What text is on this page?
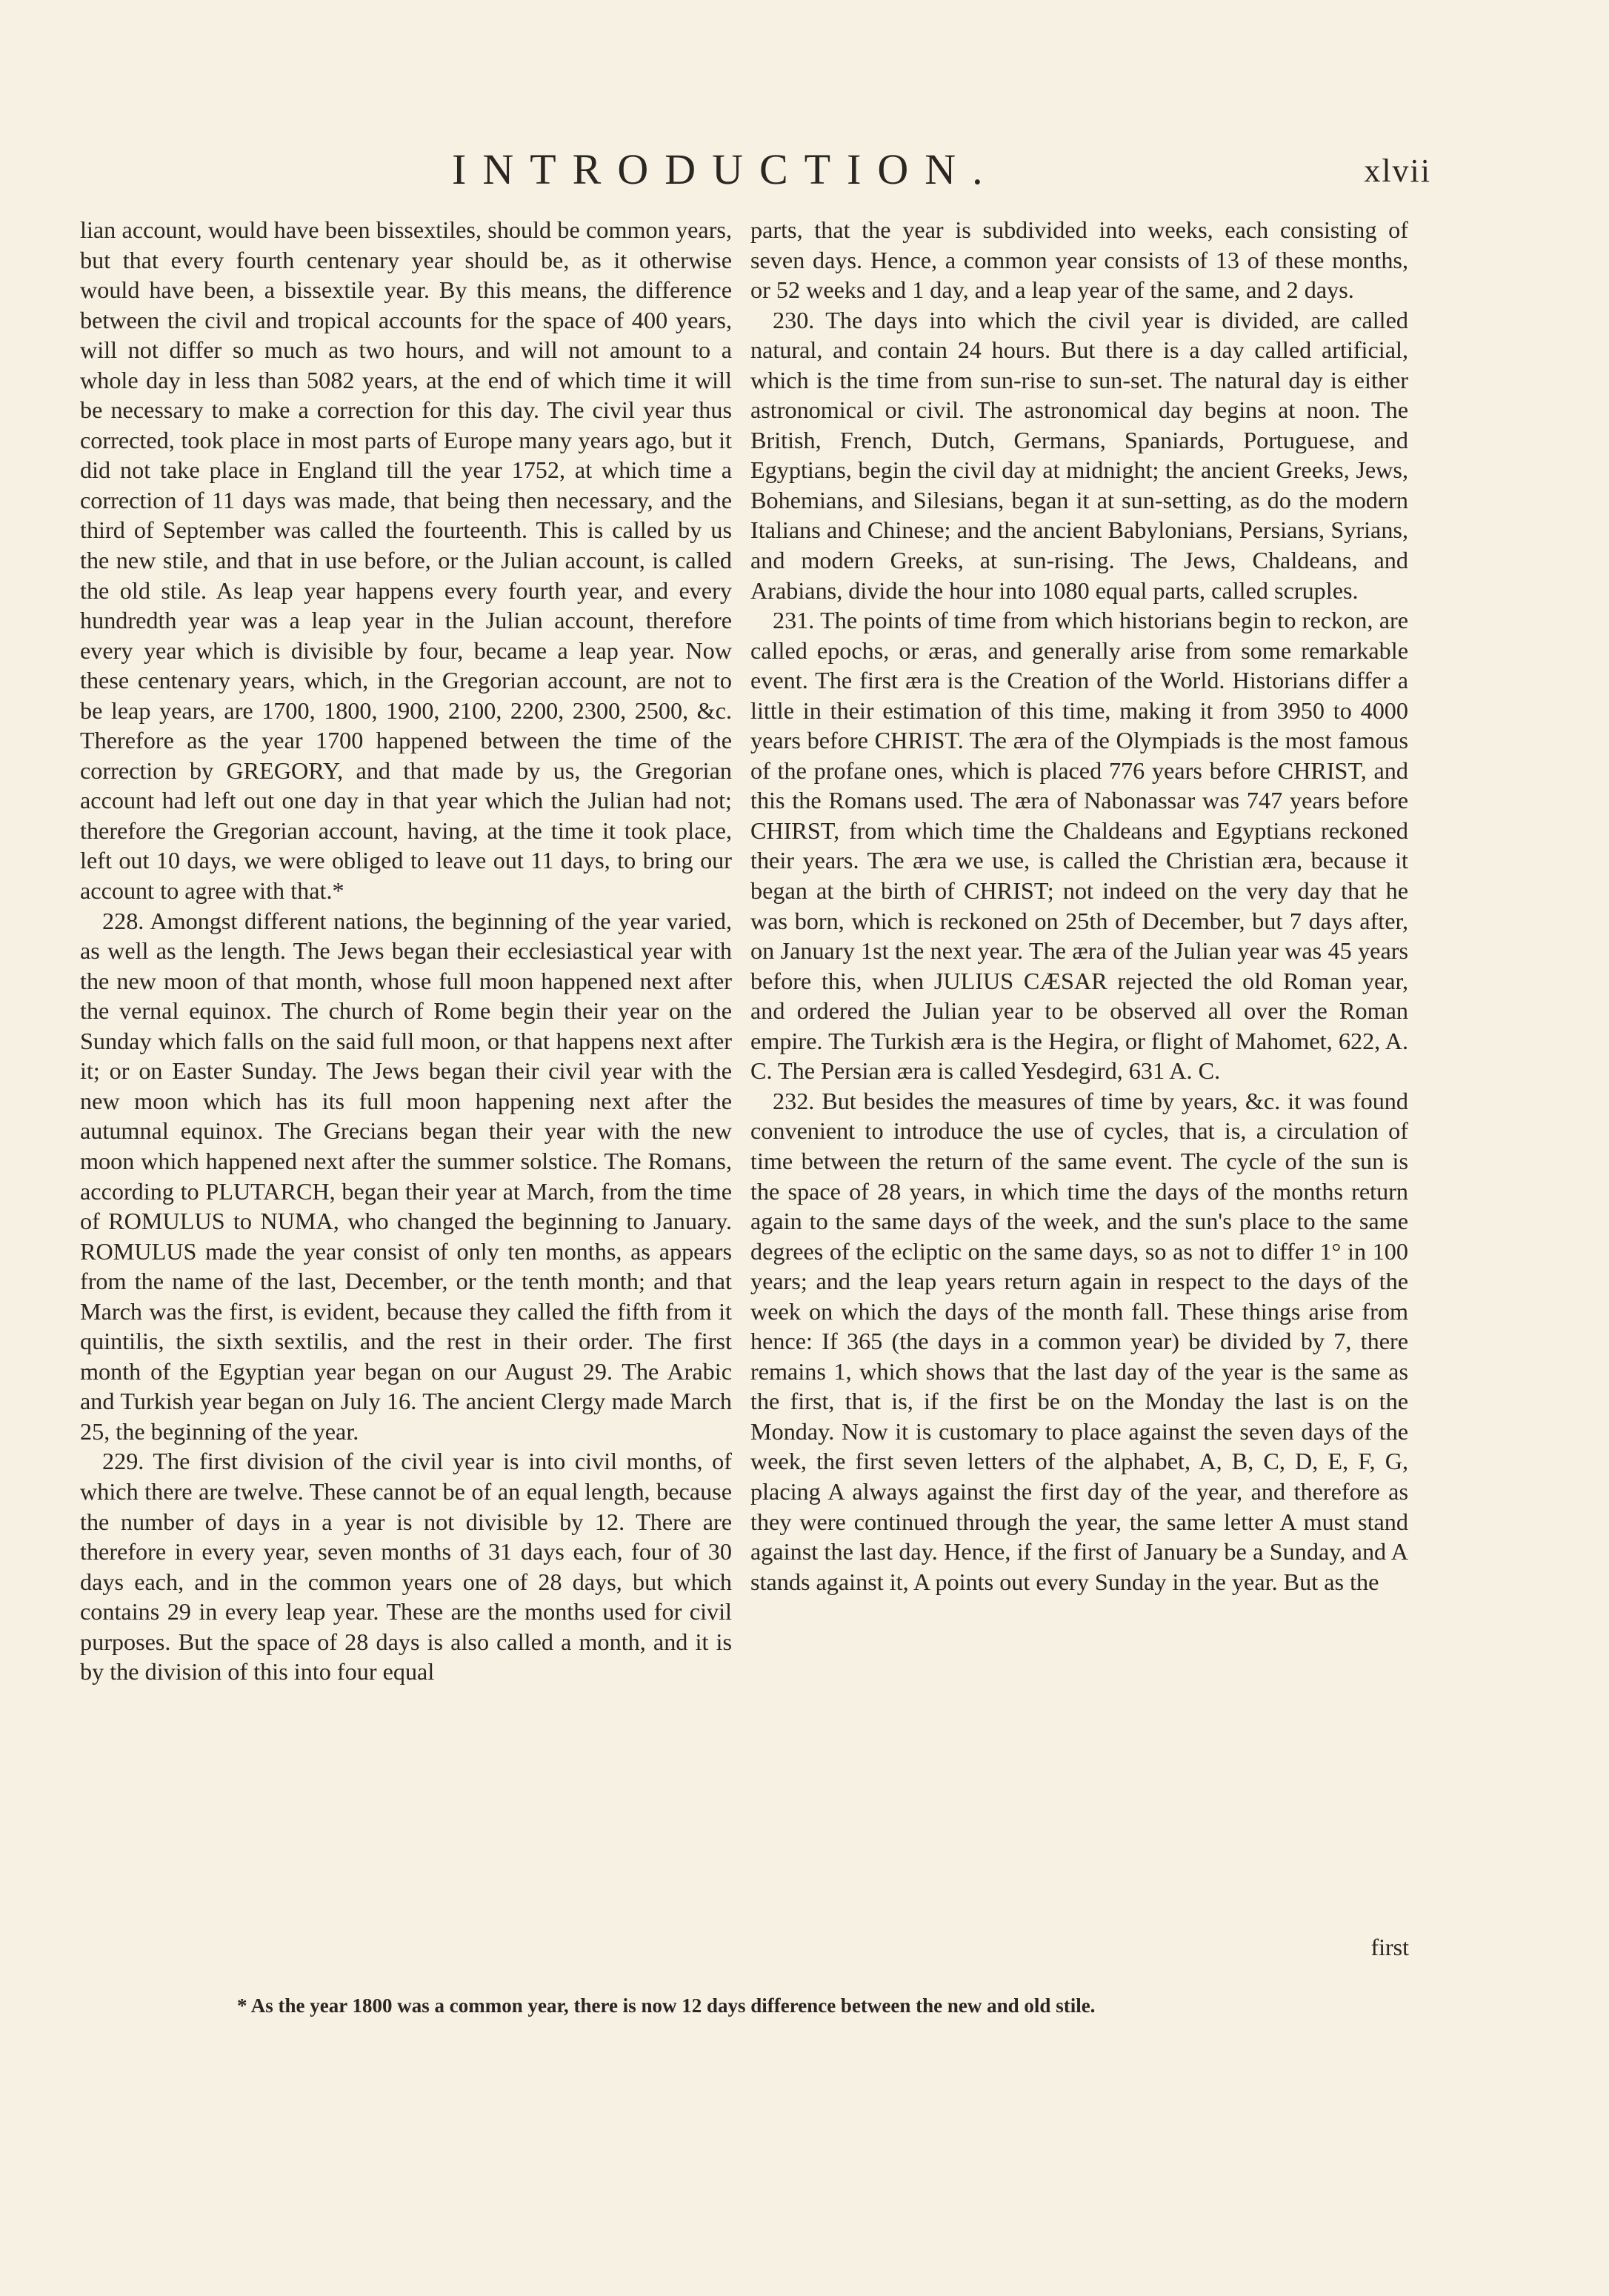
INTRODUCTION.	xlvii

lian account, would have been bissextiles, should be common years, but that every fourth centenary year should be, as it otherwise would have been, a bissextile year. By this means, the difference between the civil and tropical accounts for the space of 400 years, will not differ so much as two hours, and will not amount to a whole day in less than 5082 years, at the end of which time it will be necessary to make a correction for this day. The civil year thus corrected, took place in most parts of Europe many years ago, but it did not take place in England till the year 1752, at which time a correction of 11 days was made, that being then necessary, and the third of September was called the fourteenth. This is called by us the new stile, and that in use before, or the Julian account, is called the old stile. As leap year happens every fourth year, and every hundredth year was a leap year in the Julian account, therefore every year which is divisible by four, became a leap year. Now these centenary years, which, in the Gregorian account, are not to be leap years, are 1700, 1800, 1900, 2100, 2200, 2300, 2500, &c. Therefore as the year 1700 happened between the time of the correction by GREGORY, and that made by us, the Gregorian account had left out one day in that year which the Julian had not; therefore the Gregorian account, having, at the time it took place, left out 10 days, we were obliged to leave out 11 days, to bring our account to agree with that.*

228. Amongst different nations, the beginning of the year varied, as well as the length. The Jews began their ecclesiastical year with the new moon of that month, whose full moon happened next after the vernal equinox. The church of Rome begin their year on the Sunday which falls on the said full moon, or that happens next after it; or on Easter Sunday. The Jews began their civil year with the new moon which has its full moon happening next after the autumnal equinox. The Grecians began their year with the new moon which happened next after the summer solstice. The Romans, according to PLUTARCH, began their year at March, from the time of ROMULUS to NUMA, who changed the beginning to January. ROMULUS made the year consist of only ten months, as appears from the name of the last, December, or the tenth month; and that March was the first, is evident, because they called the fifth from it quintilis, the sixth sextilis, and the rest in their order. The first month of the Egyptian year began on our August 29. The Arabic and Turkish year began on July 16. The ancient Clergy made March 25, the beginning of the year.

229. The first division of the civil year is into civil months, of which there are twelve. These cannot be of an equal length, because the number of days in a year is not divisible by 12. There are therefore in every year, seven months of 31 days each, four of 30 days each, and in the common years one of 28 days, but which contains 29 in every leap year. These are the months used for civil purposes. But the space of 28 days is also called a month, and it is by the division of this into four equal

parts, that the year is subdivided into weeks, each consisting of seven days. Hence, a common year consists of 13 of these months, or 52 weeks and 1 day, and a leap year of the same, and 2 days.

230. The days into which the civil year is divided, are called natural, and contain 24 hours. But there is a day called artificial, which is the time from sun-rise to sun-set. The natural day is either astronomical or civil. The astronomical day begins at noon. The British, French, Dutch, Germans, Spaniards, Portuguese, and Egyptians, begin the civil day at midnight; the ancient Greeks, Jews, Bohemians, and Silesians, began it at sun-setting, as do the modern Italians and Chinese; and the ancient Babylonians, Persians, Syrians, and modern Greeks, at sun-rising. The Jews, Chaldeans, and Arabians, divide the hour into 1080 equal parts, called scruples.

231. The points of time from which historians begin to reckon, are called epochs, or æras, and generally arise from some remarkable event. The first æra is the Creation of the World. Historians differ a little in their estimation of this time, making it from 3950 to 4000 years before CHRIST. The æra of the Olympiads is the most famous of the profane ones, which is placed 776 years before CHRIST, and this the Romans used. The æra of Nabonassar was 747 years before CHIRST, from which time the Chaldeans and Egyptians reckoned their years. The æra we use, is called the Christian æra, because it began at the birth of CHRIST; not indeed on the very day that he was born, which is reckoned on 25th of December, but 7 days after, on January 1st the next year. The æra of the Julian year was 45 years before this, when JULIUS CÆSAR rejected the old Roman year, and ordered the Julian year to be observed all over the Roman empire. The Turkish æra is the Hegira, or flight of Mahomet, 622, A. C. The Persian æra is called Yesdegird, 631 A. C.

232. But besides the measures of time by years, &c. it was found convenient to introduce the use of cycles, that is, a circulation of time between the return of the same event. The cycle of the sun is the space of 28 years, in which time the days of the months return again to the same days of the week, and the sun's place to the same degrees of the ecliptic on the same days, so as not to differ 1° in 100 years; and the leap years return again in respect to the days of the week on which the days of the month fall. These things arise from hence: If 365 (the days in a common year) be divided by 7, there remains 1, which shows that the last day of the year is the same as the first, that is, if the first be on the Monday the last is on the Monday. Now it is customary to place against the seven days of the week, the first seven letters of the alphabet, A, B, C, D, E, F, G, placing A always against the first day of the year, and therefore as they were continued through the year, the same letter A must stand against the last day. Hence, if the first of January be a Sunday, and A stands against it, A points out every Sunday in the year. But as the

first
* As the year 1800 was a common year, there is now 12 days difference between the new and old stile.
